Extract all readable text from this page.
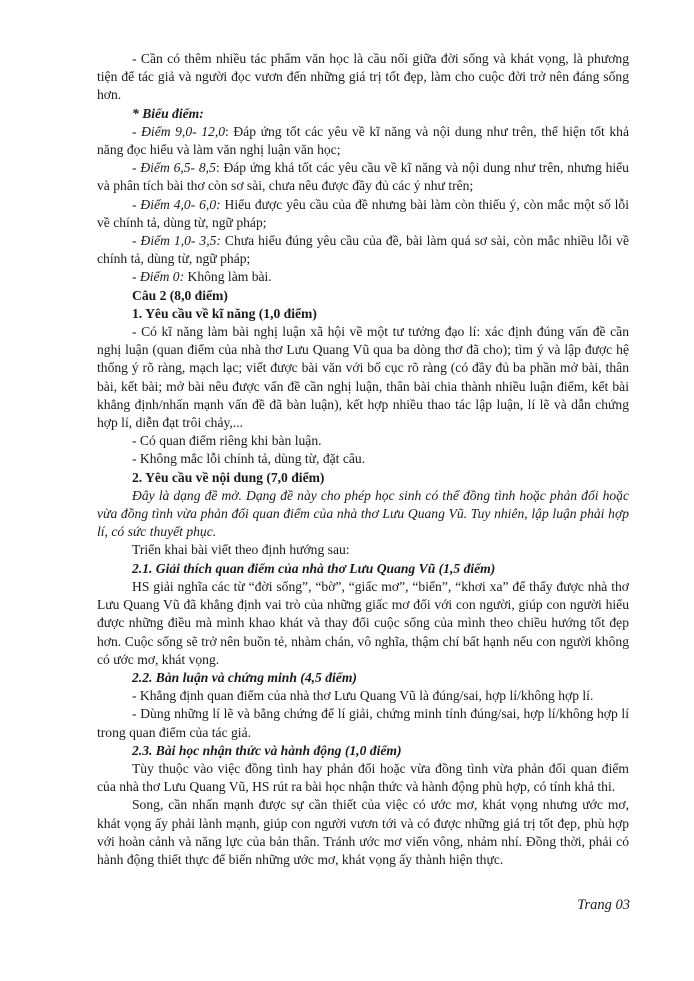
- Cần có thêm nhiều tác phẩm văn học là cầu nối giữa đời sống và khát vọng, là phương tiện để tác giả và người đọc vươn đến những giá trị tốt đẹp, làm cho cuộc đời trở nên đáng sống hơn.

* Biểu điểm:

- Điểm 9,0- 12,0: Đáp ứng tốt các yêu về kĩ năng và nội dung như trên, thể hiện tốt khả năng đọc hiểu và làm văn nghị luận văn học;

- Điểm 6,5- 8,5: Đáp ứng khá tốt các yêu cầu về kĩ năng và nội dung như trên, nhưng hiểu và phân tích bài thơ còn sơ sài, chưa nêu được đầy đủ các ý như trên;

- Điểm 4,0- 6,0: Hiểu được yêu cầu của đề nhưng bài làm còn thiếu ý, còn mắc một số lỗi về chính tả, dùng từ, ngữ pháp;

- Điểm 1,0- 3,5: Chưa hiểu đúng yêu cầu của đề, bài làm quá sơ sài, còn mắc nhiều lỗi về chính tả, dùng từ, ngữ pháp;

- Điểm 0: Không làm bài.

Câu 2 (8,0 điểm)

1. Yêu cầu về kĩ năng (1,0 điểm)

- Có kĩ năng làm bài nghị luận xã hội về một tư tưởng đạo lí: xác định đúng vấn đề cần nghị luận (quan điểm của nhà thơ Lưu Quang Vũ qua ba dòng thơ đã cho); tìm ý và lập được hệ thống ý rõ ràng, mạch lạc; viết được bài văn với bố cục rõ ràng (có đầy đủ ba phần mở bài, thân bài, kết bài; mở bài nêu được vấn đề cần nghị luận, thân bài chia thành nhiều luận điểm, kết bài khẳng định/nhấn mạnh vấn đề đã bàn luận), kết hợp nhiều thao tác lập luận, lí lẽ và dẫn chứng hợp lí, diễn đạt trôi chảy,...

- Có quan điểm riêng khi bàn luận.

- Không mắc lỗi chính tả, dùng từ, đặt câu.

2. Yêu cầu về nội dung (7,0 điểm)

Đây là dạng đề mở. Dạng đề này cho phép học sinh có thể đồng tình hoặc phản đối hoặc vừa đồng tình vừa phản đối quan điểm của nhà thơ Lưu Quang Vũ. Tuy nhiên, lập luận phải hợp lí, có sức thuyết phục.

Triển khai bài viết theo định hướng sau:

2.1. Giải thích quan điểm của nhà thơ Lưu Quang Vũ (1,5 điểm)

HS giải nghĩa các từ “đời sống”, “bờ”, “giấc mơ”, “biển”, “khơi xa” để thấy được nhà thơ Lưu Quang Vũ đã khẳng định vai trò của những giấc mơ đối với con người, giúp con người hiểu được những điều mà mình khao khát và thay đổi cuộc sống của mình theo chiều hướng tốt đẹp hơn. Cuộc sống sẽ trở nên buồn tẻ, nhàm chán, vô nghĩa, thậm chí bất hạnh nếu con người không có ước mơ, khát vọng.

2.2. Bàn luận và chứng minh (4,5 điểm)

- Khẳng định quan điểm của nhà thơ Lưu Quang Vũ là đúng/sai, hợp lí/không hợp lí.

- Dùng những lí lẽ và bằng chứng để lí giải, chứng minh tính đúng/sai, hợp lí/không hợp lí trong quan điểm của tác giả.

2.3. Bài học nhận thức và hành động (1,0 điểm)

Tùy thuộc vào việc đồng tình hay phản đối hoặc vừa đồng tình vừa phản đối quan điểm của nhà thơ Lưu Quang Vũ, HS rút ra bài học nhận thức và hành động phù hợp, có tính khả thi.

Song, cần nhấn mạnh được sự cần thiết của việc có ước mơ, khát vọng nhưng ước mơ, khát vọng ấy phải lành mạnh, giúp con người vươn tới và có được những giá trị tốt đẹp, phù hợp với hoàn cảnh và năng lực của bản thân. Tránh ước mơ viển vông, nhảm nhí. Đồng thời, phải có hành động thiết thực để biến những ước mơ, khát vọng ấy thành hiện thực.

Trang 03
